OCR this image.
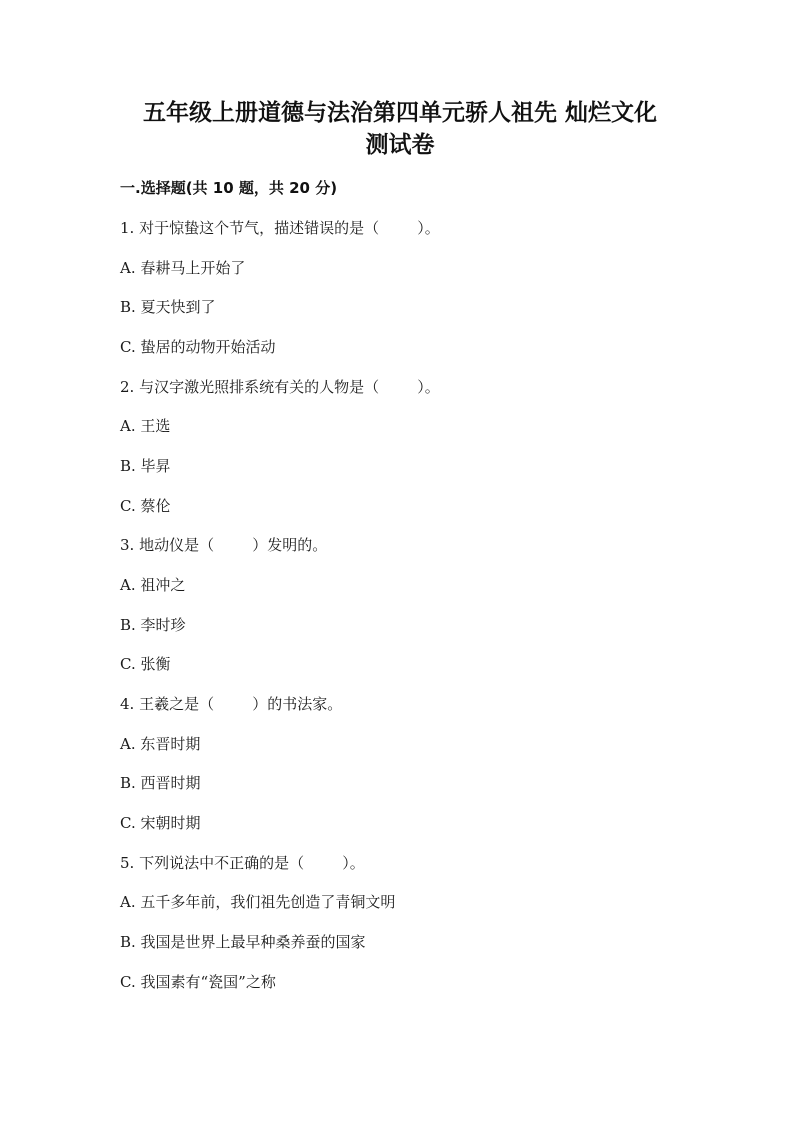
五年级上册道德与法治第四单元骄人祖先 灿烂文化
测试卷
一.选择题(共 10 题，共 20 分)
1. 对于惊蛰这个节气，描述错误的是（        ）。
A. 春耕马上开始了
B. 夏天快到了
C. 蛰居的动物开始活动
2. 与汉字激光照排系统有关的人物是（        ）。
A. 王选
B. 毕昇
C. 蔡伦
3. 地动仪是（        ）发明的。
A. 祖冲之
B. 李时珍
C. 张衡
4. 王羲之是（        ）的书法家。
A. 东晋时期
B. 西晋时期
C. 宋朝时期
5. 下列说法中不正确的是（        ）。
A. 五千多年前，我们祖先创造了青铜文明
B. 我国是世界上最早种桑养蚕的国家
C. 我国素有“瓷国”之称
